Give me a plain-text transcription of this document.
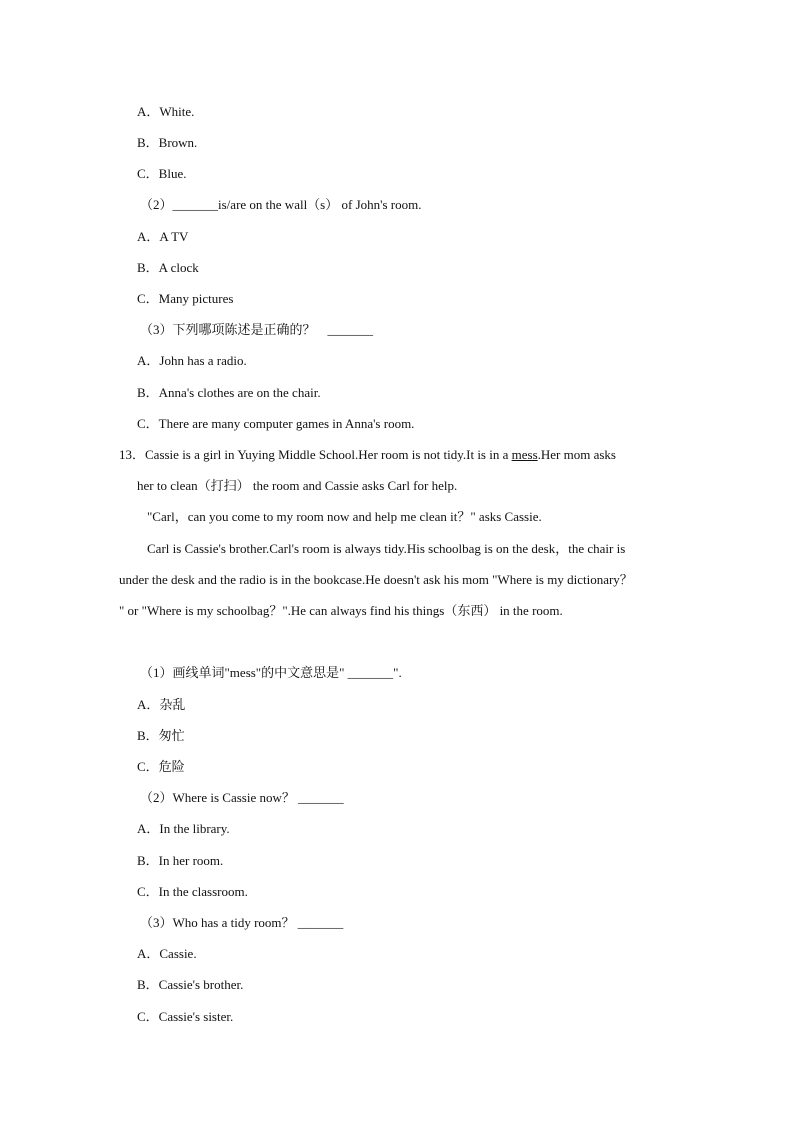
A．White.
B．Brown.
C．Blue.
（2）_______is/are on the wall（s） of John's room.
A．A TV
B．A clock
C．Many pictures
（3）下列哪项陈述是正确的？ _______
A．John has a radio.
B．Anna's clothes are on the chair.
C．There are many computer games in Anna's room.
13．Cassie is a girl in Yuying Middle School.Her room is not tidy.It is in a mess.Her mom asks
her to clean（打扫） the room and Cassie asks Carl for help.
"Carl，can you come to my room now and help me clean it？" asks Cassie.
Carl is Cassie's brother.Carl's room is always tidy.His schoolbag is on the desk，the chair is
under the desk and the radio is in the bookcase.He doesn't ask his mom "Where is my dictionary？
" or "Where is my schoolbag？".He can always find his things（东西） in the room.
（1）画线单词"mess"的中文意思是" _______".
A．杂乱
B．匆忙
C．危险
（2）Where is Cassie now？ _______
A．In the library.
B．In her room.
C．In the classroom.
（3）Who has a tidy room？ _______
A．Cassie.
B．Cassie's brother.
C．Cassie's sister.
